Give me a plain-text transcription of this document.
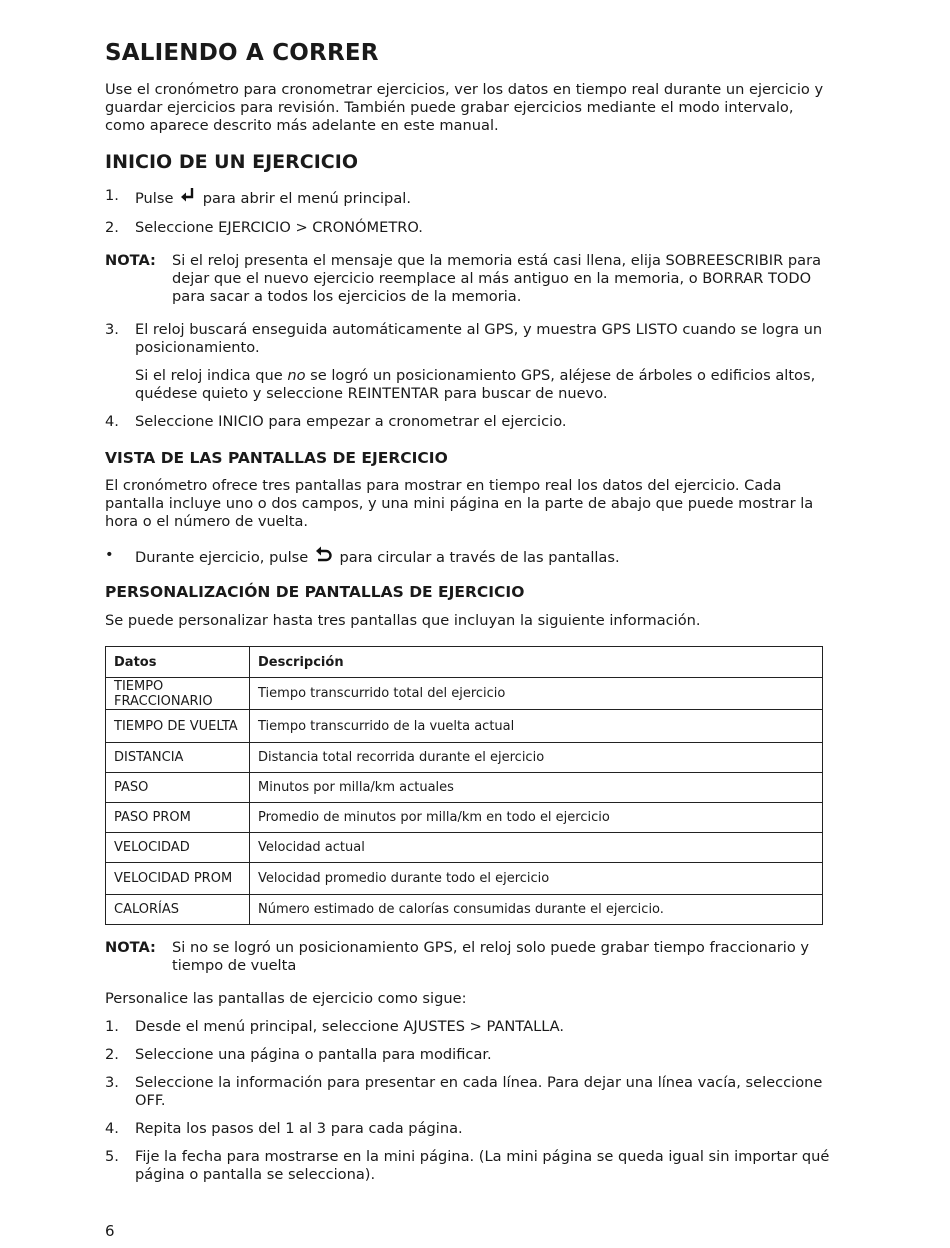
SALIENDO A CORRER

Use el cronómetro para cronometrar ejercicios, ver los datos en tiempo real durante un ejercicio y guardar ejercicios para revisión. También puede grabar ejercicios mediante el modo intervalo, como aparece descrito más adelante en este manual.

INICIO DE UN EJERCICIO
1. Pulse para abrir el menú principal.
2. Seleccione EJERCICIO > CRONÓMETRO.
NOTA: Si el reloj presenta el mensaje que la memoria está casi llena, elija SOBREESCRIBIR para dejar que el nuevo ejercicio reemplace al más antiguo en la memoria, o BORRAR TODO para sacar a todos los ejercicios de la memoria.
3. El reloj buscará enseguida automáticamente al GPS, y muestra GPS LISTO cuando se logra un posicionamiento.
Si el reloj indica que no se logró un posicionamiento GPS, aléjese de árboles o edificios altos, quédese quieto y seleccione REINTENTAR para buscar de nuevo.
4. Seleccione INICIO para empezar a cronometrar el ejercicio.
VISTA DE LAS PANTALLAS DE EJERCICIO

El cronómetro ofrece tres pantallas para mostrar en tiempo real los datos del ejercicio. Cada pantalla incluye uno o dos campos, y una mini página en la parte de abajo que puede mostrar la hora o el número de vuelta.

• Durante ejercicio, pulse para circular a través de las pantallas.
PERSONALIZACIÓN DE PANTALLAS DE EJERCICIO

Se puede personalizar hasta tres pantallas que incluyan la siguiente información.

Datos	Descripción
TIEMPO FRACCIONARIO	Tiempo transcurrido total del ejercicio
TIEMPO DE VUELTA	Tiempo transcurrido de la vuelta actual
DISTANCIA	Distancia total recorrida durante el ejercicio
PASO	Minutos por milla/km actuales
PASO PROM	Promedio de minutos por milla/km en todo el ejercicio
VELOCIDAD	Velocidad actual
VELOCIDAD PROM	Velocidad promedio durante todo el ejercicio
CALORÍAS	Número estimado de calorías consumidas durante el ejercicio.
NOTA: Si no se logró un posicionamiento GPS, el reloj solo puede grabar tiempo fraccionario y tiempo de vuelta

Personalice las pantallas de ejercicio como sigue:

1. Desde el menú principal, seleccione AJUSTES > PANTALLA.
2. Seleccione una página o pantalla para modificar.
3. Seleccione la información para presentar en cada línea. Para dejar una línea vacía, seleccione OFF.
4. Repita los pasos del 1 al 3 para cada página.
5. Fije la fecha para mostrarse en la mini página. (La mini página se queda igual sin importar qué página o pantalla se selecciona).
6
